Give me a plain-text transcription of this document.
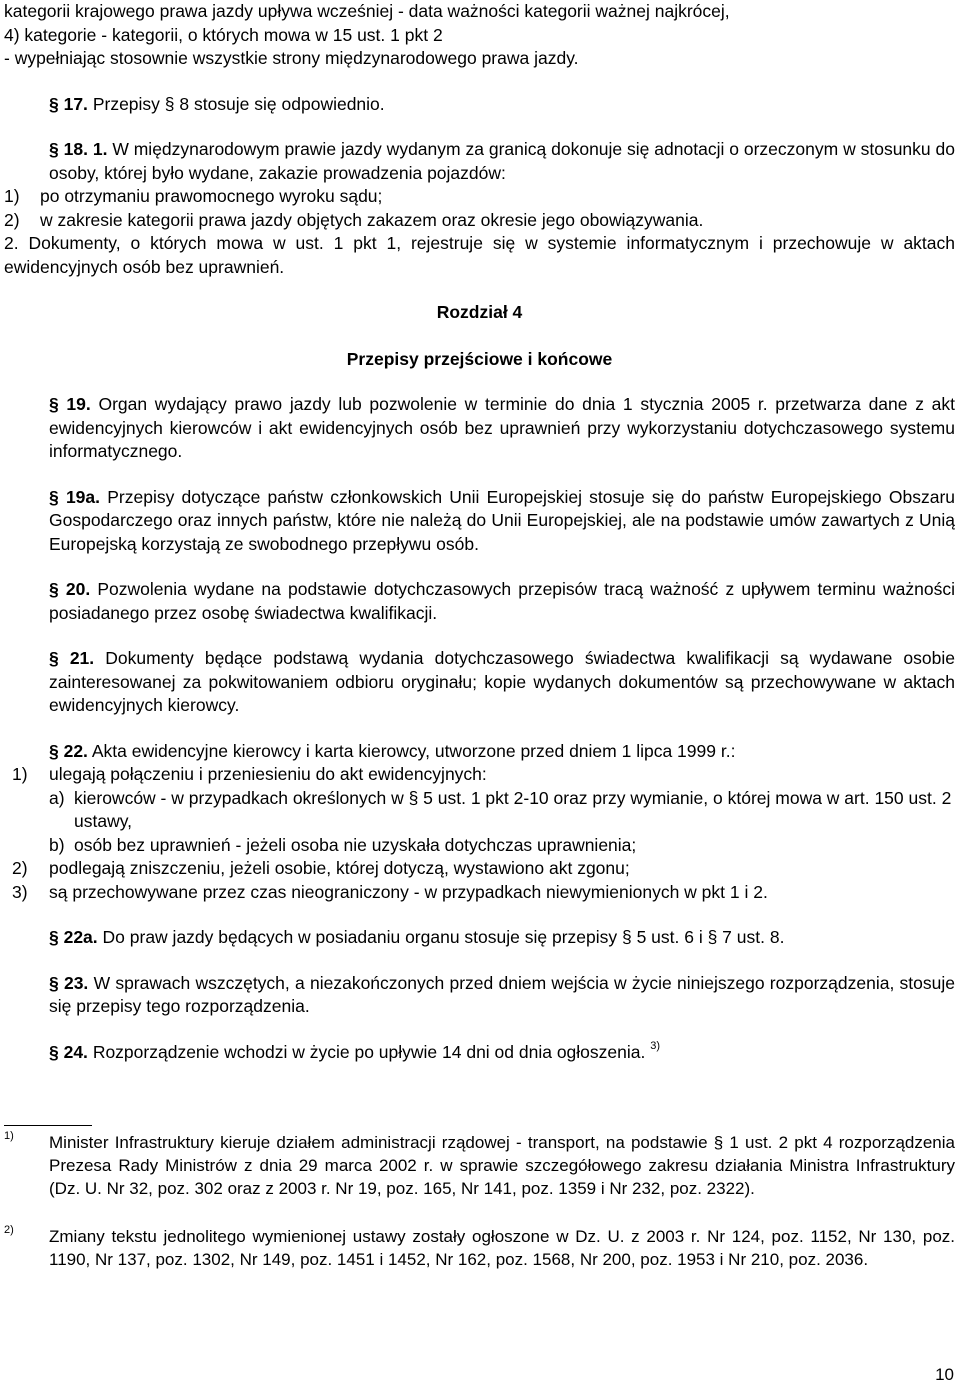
kategorii krajowego prawa jazdy upływa wcześniej - data ważności kategorii ważnej najkrócej,

4) kategorie - kategorii, o których mowa w 15 ust. 1 pkt 2

- wypełniając stosownie wszystkie strony międzynarodowego prawa jazdy.

§ 17. Przepisy § 8 stosuje się odpowiednio.

§ 18. 1. W międzynarodowym prawie jazdy wydanym za granicą dokonuje się adnotacji o orzeczonym w stosunku do osoby, której było wydane, zakazie prowadzenia pojazdów:

1)	po otrzymaniu prawomocnego wyroku sądu;
2)	w zakresie kategorii prawa jazdy objętych zakazem oraz okresie jego obowiązywania.

2. Dokumenty, o których mowa w ust. 1 pkt 1, rejestruje się w systemie informatycznym i przechowuje w aktach ewidencyjnych osób bez uprawnień.

Rozdział 4

Przepisy przejściowe i końcowe

§ 19. Organ wydający prawo jazdy lub pozwolenie w terminie do dnia 1 stycznia 2005 r. przetwarza dane z akt ewidencyjnych kierowców i akt ewidencyjnych osób bez uprawnień przy wykorzystaniu dotychczasowego systemu informatycznego.

§ 19a. Przepisy dotyczące państw członkowskich Unii Europejskiej stosuje się do państw Europejskiego Obszaru Gospodarczego oraz innych państw, które nie należą do Unii Europejskiej, ale na podstawie umów zawartych z Unią Europejską korzystają ze swobodnego przepływu osób.

§ 20. Pozwolenia wydane na podstawie dotychczasowych przepisów tracą ważność z upływem terminu ważności posiadanego przez osobę świadectwa kwalifikacji.

§ 21. Dokumenty będące podstawą wydania dotychczasowego świadectwa kwalifikacji są wydawane osobie zainteresowanej za pokwitowaniem odbioru oryginału; kopie wydanych dokumentów są przechowywane w aktach ewidencyjnych kierowcy.

§ 22. Akta ewidencyjne kierowcy i karta kierowcy, utworzone przed dniem 1 lipca 1999 r.:

1)	ulegają połączeniu i przeniesieniu do akt ewidencyjnych:
a) kierowców - w przypadkach określonych w § 5 ust. 1 pkt 2-10 oraz przy wymianie, o której mowa w art. 150 ust. 2 ustawy,
b) osób bez uprawnień - jeżeli osoba nie uzyskała dotychczas uprawnienia;
2)	podlegają zniszczeniu, jeżeli osobie, której dotyczą, wystawiono akt zgonu;
3)	są przechowywane przez czas nieograniczony - w przypadkach niewymienionych w pkt 1 i 2.

§ 22a. Do praw jazdy będących w posiadaniu organu stosuje się przepisy § 5 ust. 6 i § 7 ust. 8.

§ 23. W sprawach wszczętych, a niezakończonych przed dniem wejścia w życie niniejszego rozporządzenia, stosuje się przepisy tego rozporządzenia.

§ 24. Rozporządzenie wchodzi w życie po upływie 14 dni od dnia ogłoszenia. $^{3)}$

1) Minister Infrastruktury kieruje działem administracji rządowej - transport, na podstawie § 1 ust. 2 pkt 4 rozporządzenia Prezesa Rady Ministrów z dnia 29 marca 2002 r. w sprawie szczegółowego zakresu działania Ministra Infrastruktury (Dz. U. Nr 32, poz. 302 oraz z 2003 r. Nr 19, poz. 165, Nr 141, poz. 1359 i Nr 232, poz. 2322).
2) Zmiany tekstu jednolitego wymienionej ustawy zostały ogłoszone w Dz. U. z 2003 r. Nr 124, poz. 1152, Nr 130, poz. 1190, Nr 137, poz. 1302, Nr 149, poz. 1451 i 1452, Nr 162, poz. 1568, Nr 200, poz. 1953 i Nr 210, poz. 2036.
10
